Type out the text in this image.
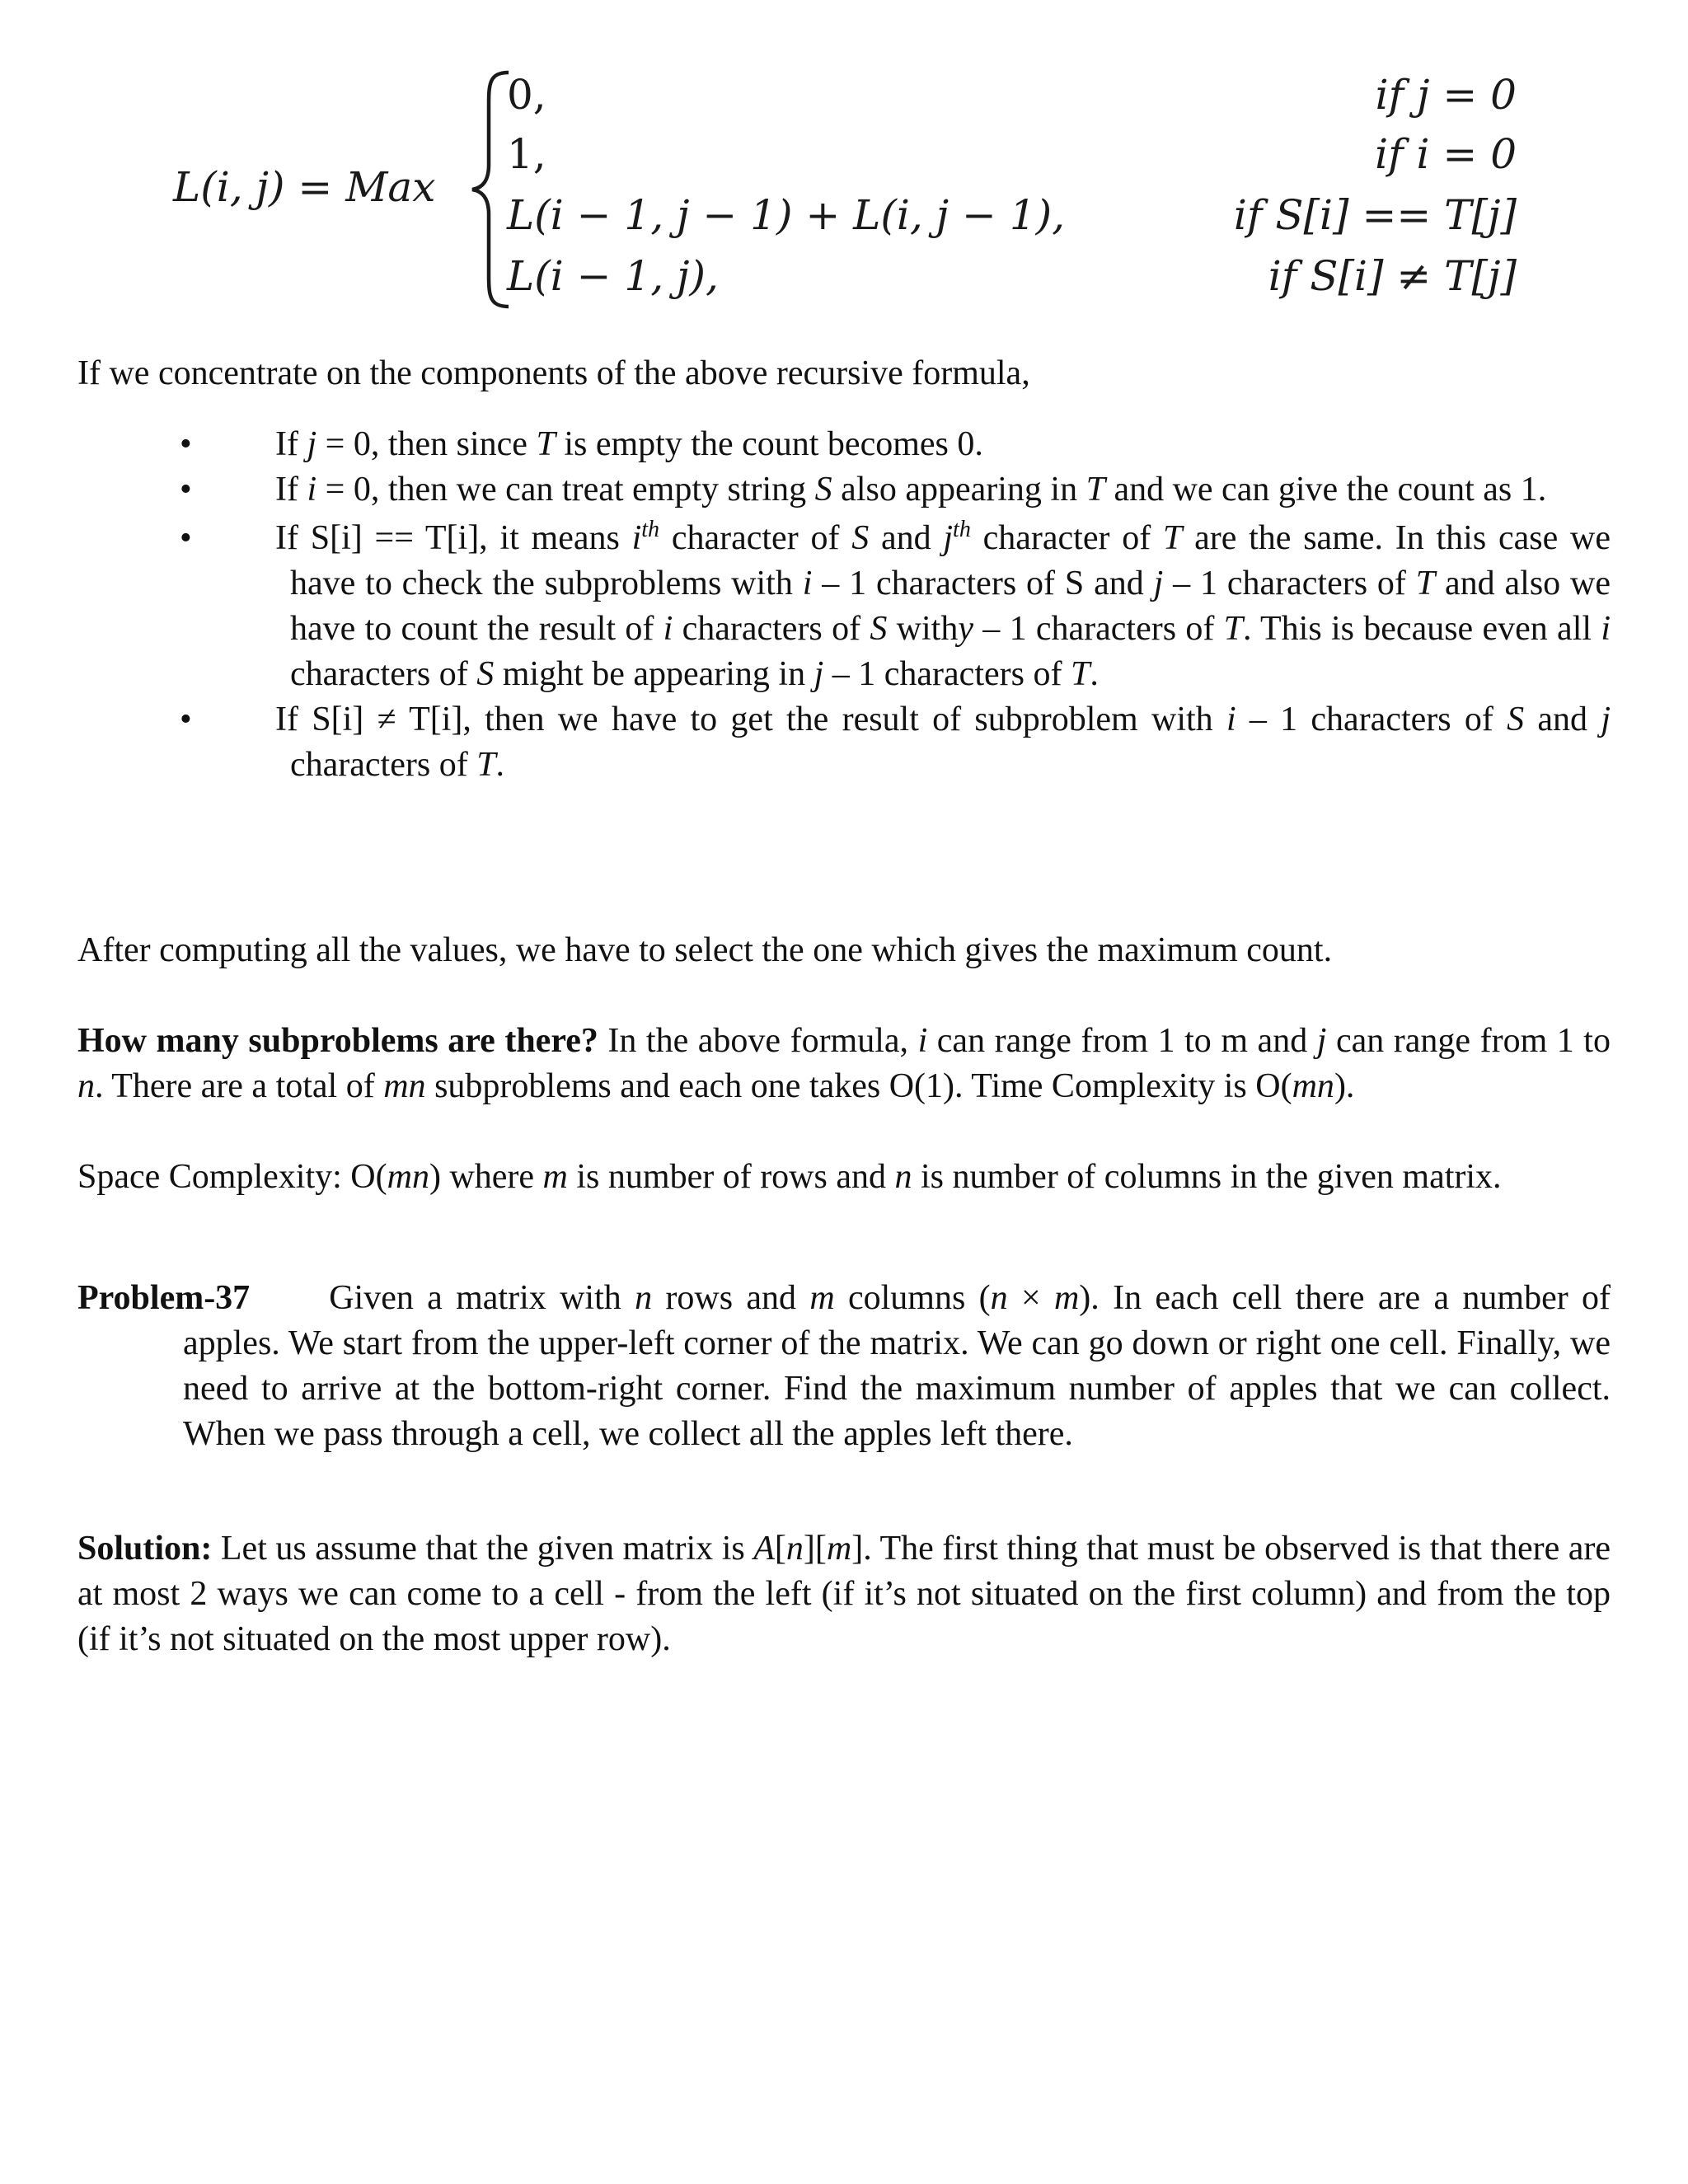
L(i, j) = Max
0,	if j = 0
1,	if i = 0
L(i − 1, j − 1) + L(i, j − 1),	if S[i] == T[j]
L(i − 1, j),	if S[i] ≠ T[j]
If we concentrate on the components of the above recursive formula,
• If j = 0, then since T is empty the count becomes 0.
• If i = 0, then we can treat empty string S also appearing in T and we can give the count as 1.
• If S[i] == T[i], it means $i^{th}$ character of S and $j^{th}$ character of T are the same. In this case we have to check the subproblems with i – 1 characters of S and j – 1 characters of T and also we have to count the result of i characters of S withy – 1 characters of T. This is because even all i characters of S might be appearing in j – 1 characters of T.
• If S[i] ≠ T[i], then we have to get the result of subproblem with i – 1 characters of S and j characters of T.
After computing all the values, we have to select the one which gives the maximum count.
How many subproblems are there? In the above formula, i can range from 1 to m and j can range from 1 to n. There are a total of mn subproblems and each one takes O(1). Time Complexity is O(mn).
Space Complexity: O(mn) where m is number of rows and n is number of columns in the given matrix.
Problem-37 Given a matrix with n rows and m columns (n × m). In each cell there are a number of apples. We start from the upper-left corner of the matrix. We can go down or right one cell. Finally, we need to arrive at the bottom-right corner. Find the maximum number of apples that we can collect. When we pass through a cell, we collect all the apples left there.
Solution: Let us assume that the given matrix is A[n][m]. The first thing that must be observed is that there are at most 2 ways we can come to a cell - from the left (if it’s not situated on the first column) and from the top (if it’s not situated on the most upper row).
